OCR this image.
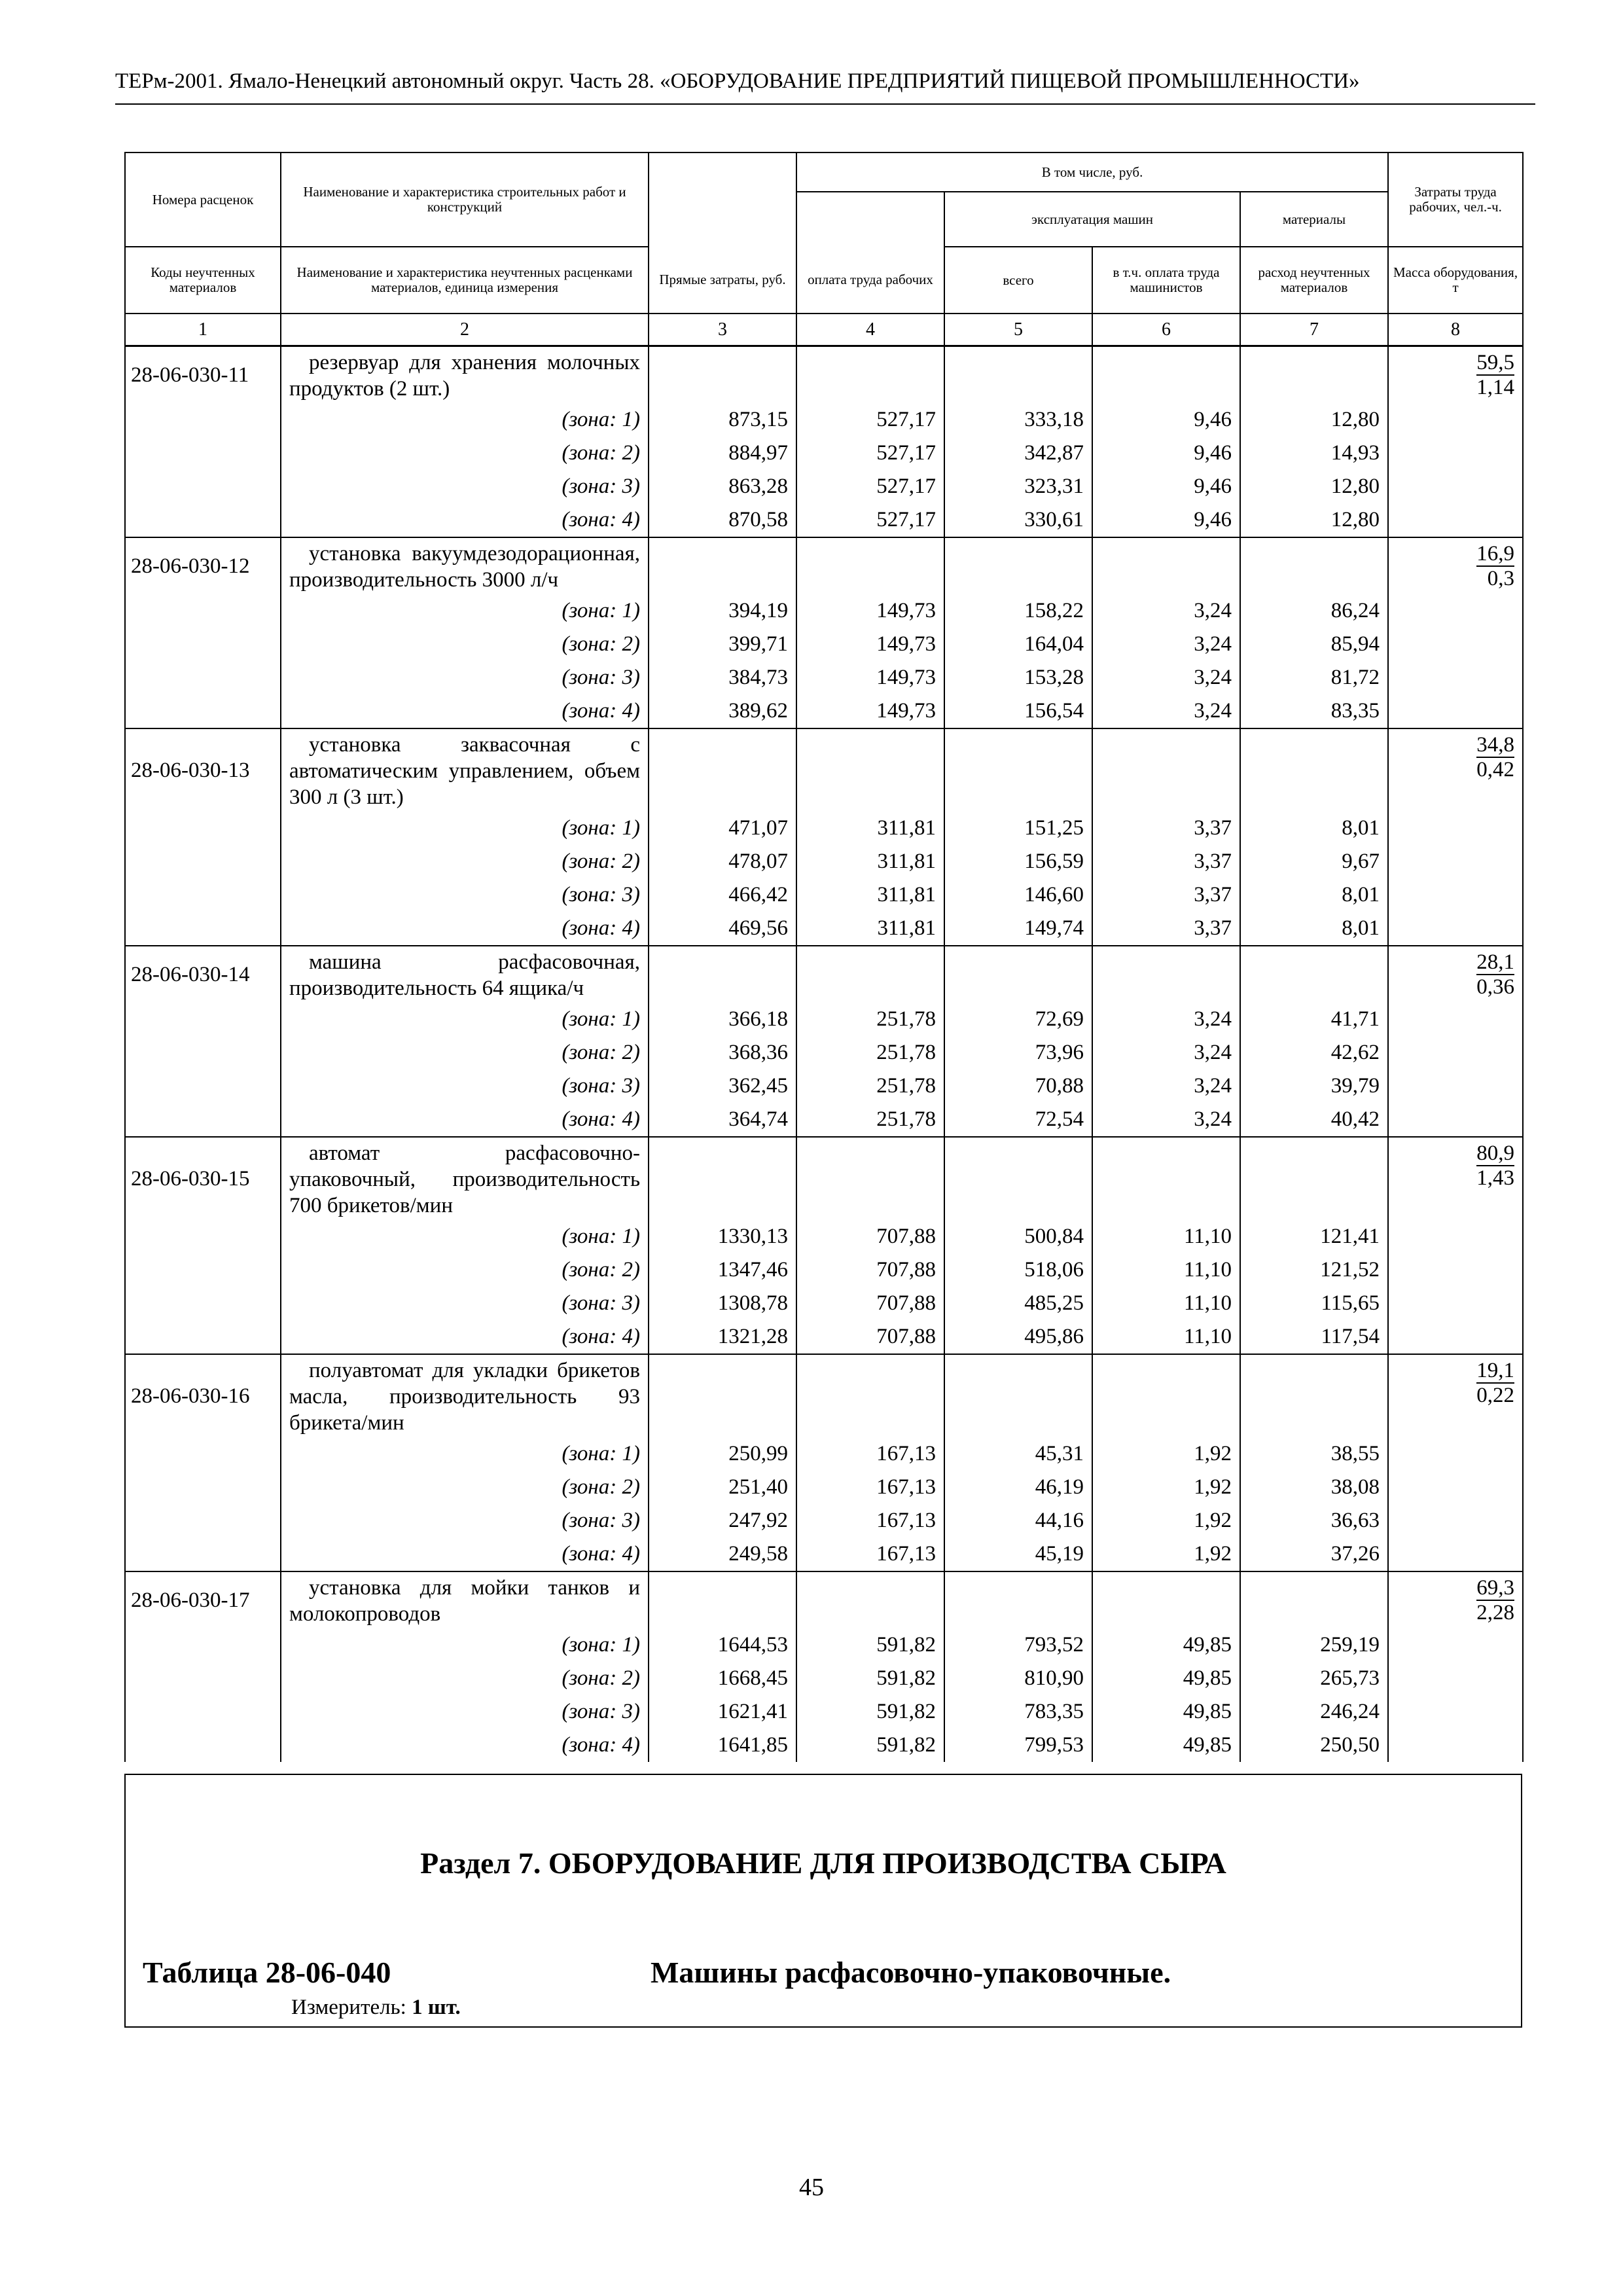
ТЕРм-2001. Ямало-Ненецкий автономный округ. Часть 28. «ОБОРУДОВАНИЕ ПРЕДПРИЯТИЙ ПИЩЕВОЙ ПРОМЫШЛЕННОСТИ»
Номера расценок	Наименование и характеристика строительных работ и конструкций		В том числе, руб.				Затраты труда рабочих, чел.-ч.
				эксплуатация машин		материалы	
Коды неучтенных материалов	Наименование и характеристика неучтенных расценками материалов, единица измерения	Прямые затраты, руб.	оплата труда рабочих	всего	в т.ч. оплата труда машинистов	расход неучтенных материалов	Масса оборудования, т
1	2	3	4	5	6	7	8
28-06-030-11	резервуар для хранения молочных продуктов (2 шт.)						$\frac{59,5}{1,14}$

	(зона: 1)	873,15	527,17	333,18	9,46	12,80	
	(зона: 2)	884,97	527,17	342,87	9,46	14,93	
	(зона: 3)	863,28	527,17	323,31	9,46	12,80	
	(зона: 4)	870,58	527,17	330,61	9,46	12,80	
28-06-030-12	установка вакуумдезодорационная, производительность 3000 л/ч						$\frac{16,9}{0,3}$

	(зона: 1)	394,19	149,73	158,22	3,24	86,24	
	(зона: 2)	399,71	149,73	164,04	3,24	85,94	
	(зона: 3)	384,73	149,73	153,28	3,24	81,72	
	(зона: 4)	389,62	149,73	156,54	3,24	83,35	
28-06-030-13	установка заквасочная с автоматическим управлением, объем 300 л (3 шт.)						$\frac{34,8}{0,42}$

	(зона: 1)	471,07	311,81	151,25	3,37	8,01	
	(зона: 2)	478,07	311,81	156,59	3,37	9,67	
	(зона: 3)	466,42	311,81	146,60	3,37	8,01	
	(зона: 4)	469,56	311,81	149,74	3,37	8,01	
28-06-030-14	машина расфасовочная, производительность 64 ящика/ч						$\frac{28,1}{0,36}$

	(зона: 1)	366,18	251,78	72,69	3,24	41,71	
	(зона: 2)	368,36	251,78	73,96	3,24	42,62	
	(зона: 3)	362,45	251,78	70,88	3,24	39,79	
	(зона: 4)	364,74	251,78	72,54	3,24	40,42	
28-06-030-15	автомат расфасовочно-упаковочный, производительность 700 брикетов/мин						$\frac{80,9}{1,43}$

	(зона: 1)	1330,13	707,88	500,84	11,10	121,41	
	(зона: 2)	1347,46	707,88	518,06	11,10	121,52	
	(зона: 3)	1308,78	707,88	485,25	11,10	115,65	
	(зона: 4)	1321,28	707,88	495,86	11,10	117,54	
28-06-030-16	полуавтомат для укладки брикетов масла, производительность 93 брикета/мин						$\frac{19,1}{0,22}$

	(зона: 1)	250,99	167,13	45,31	1,92	38,55	
	(зона: 2)	251,40	167,13	46,19	1,92	38,08	
	(зона: 3)	247,92	167,13	44,16	1,92	36,63	
	(зона: 4)	249,58	167,13	45,19	1,92	37,26	
28-06-030-17	установка для мойки танков и молокопроводов						$\frac{69,3}{2,28}$

	(зона: 1)	1644,53	591,82	793,52	49,85	259,19	
	(зона: 2)	1668,45	591,82	810,90	49,85	265,73	
	(зона: 3)	1621,41	591,82	783,35	49,85	246,24	
	(зона: 4)	1641,85	591,82	799,53	49,85	250,50	
Раздел 7. ОБОРУДОВАНИЕ ДЛЯ ПРОИЗВОДСТВА СЫРА
Таблица 28-06-040	Машины расфасовочно-упаковочные.
Измеритель: 1 шт.
45
